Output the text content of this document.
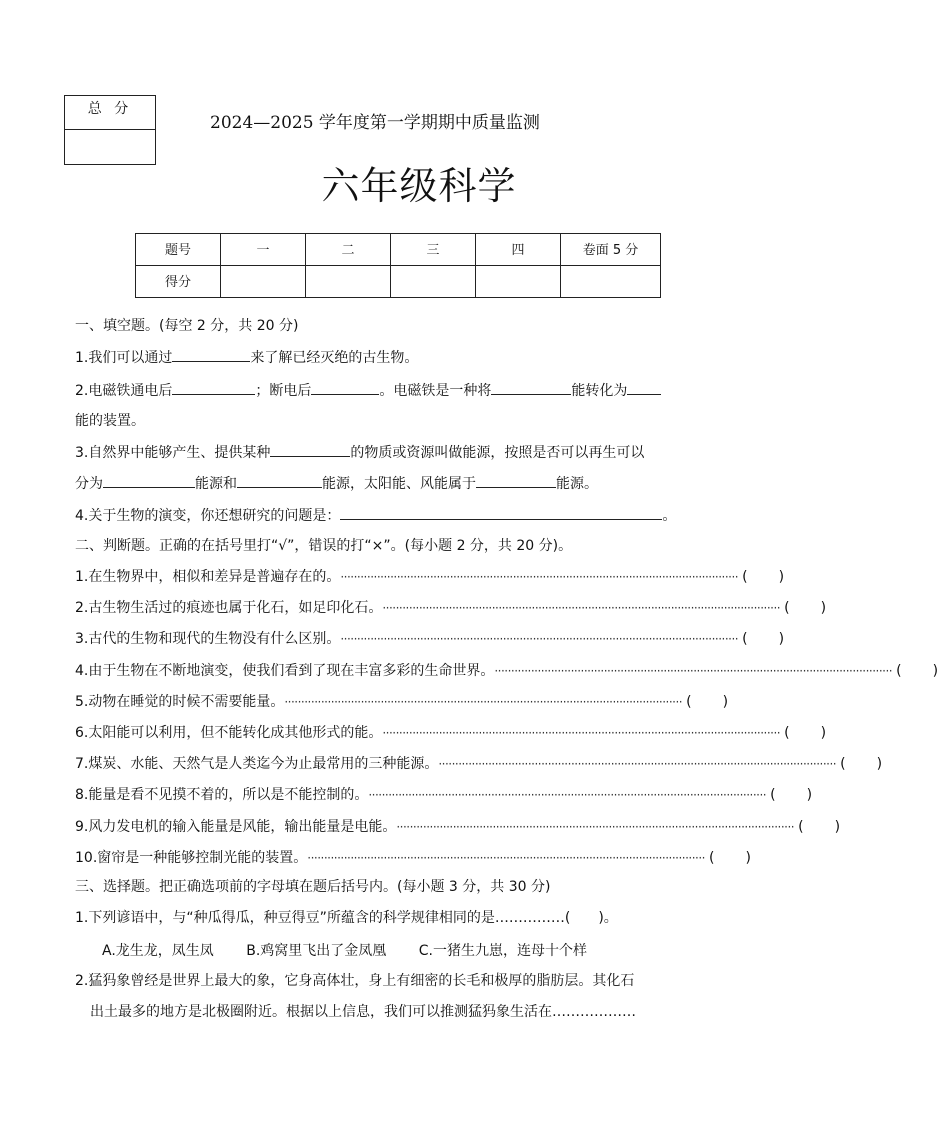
总 分
2024—2025 学年度第一学期期中质量监测
六年级科学
题号	一	二	三	四	卷面 5 分
得分					
一、填空题。(每空 2 分，共 20 分)
1.我们可以通过	来了解已经灭绝的古生物。
2.电磁铁通电后	；断电后	。电磁铁是一种将	能转化为
能的装置。
3.自然界中能够产生、提供某种	的物质或资源叫做能源，按照是否可以再生可以
分为	能源和	能源，太阳能、风能属于	能源。
4.关于生物的演变，你还想研究的问题是：	。
二、判断题。正确的在括号里打“√”，错误的打“×”。(每小题 2 分，共 20 分)。
1.在生物界中，相似和差异是普遍存在的。 ························································································································ ( )
2.古生物生活过的痕迹也属于化石，如足印化石。 ························································································································ ( )
3.古代的生物和现代的生物没有什么区别。 ························································································································ ( )
4.由于生物在不断地演变，使我们看到了现在丰富多彩的生命世界。 ························································································································ ( )
5.动物在睡觉的时候不需要能量。 ························································································································ ( )
6.太阳能可以利用，但不能转化成其他形式的能。 ························································································································ ( )
7.煤炭、水能、天然气是人类迄今为止最常用的三种能源。 ························································································································ ( )
8.能量是看不见摸不着的，所以是不能控制的。 ························································································································ ( )
9.风力发电机的输入能量是风能，输出能量是电能。 ························································································································ ( )
10.窗帘是一种能够控制光能的装置。 ························································································································ ( )
三、选择题。把正确选项前的字母填在题后括号内。(每小题 3 分，共 30 分)
1.下列谚语中，与“种瓜得瓜，种豆得豆”所蕴含的科学规律相同的是……………(　　)。
A.龙生龙，凤生凤 B.鸡窝里飞出了金凤凰 C.一猪生九崽，连母十个样
2.猛犸象曾经是世界上最大的象，它身高体壮，身上有细密的长毛和极厚的脂肪层。其化石
出土最多的地方是北极圈附近。根据以上信息，我们可以推测猛犸象生活在………………
